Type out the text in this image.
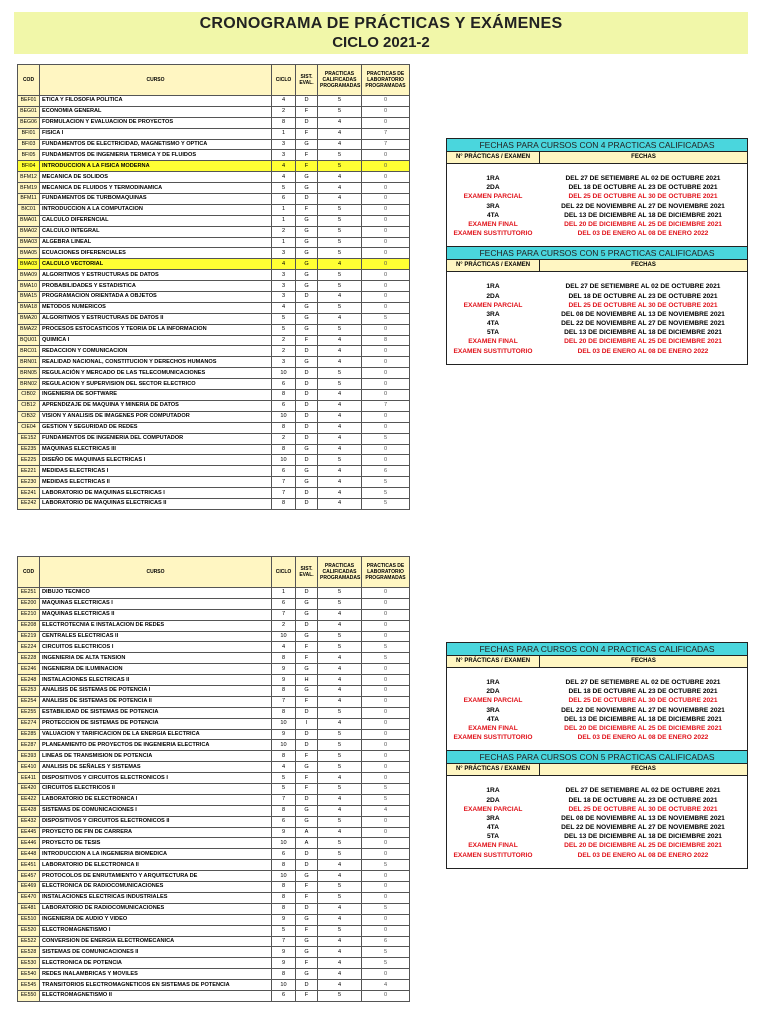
CRONOGRAMA DE PRÁCTICAS Y EXÁMENES
CICLO 2021-2
COD	CURSO	CICLO	SIST. EVAL.	PRACTICAS CALIFICADAS PROGRAMADAS	PRACTICAS DE LABORATORIO PROGRAMADAS
BEF01	ETICA Y FILOSOFIA POLITICA	4	D	5	0
BEG01	ECONOMIA GENERAL	2	F	5	0
BEG06	FORMULACION Y EVALUACION DE PROYECTOS	8	D	4	0
BFI01	FISICA I	1	F	4	7
BFI03	FUNDAMENTOS DE ELECTRICIDAD, MAGNETISMO Y OPTICA	3	G	4	7
BFI05	FUNDAMENTOS DE INGENIERIA TERMICA Y DE FLUIDOS	3	F	5	0
BFI04	INTRODUCCION A LA FISICA MODERNA	4	F	5	0
BFM12	MECANICA DE SOLIDOS	4	G	4	0
BFM19	MECANICA DE FLUIDOS Y TERMODINAMICA	5	G	4	0
BFM11	FUNDAMENTOS DE TURBOMAQUINAS	6	D	4	0
BIC01	INTRODUCCION A LA COMPUTACION	1	F	5	0
BMA01	CALCULO DIFERENCIAL	1	G	5	0
BMA02	CALCULO INTEGRAL	2	G	5	0
BMA03	ALGEBRA LINEAL	1	G	5	0
BMA05	ECUACIONES DIFERENCIALES	3	G	5	0
BMA03	CALCULO VECTORIAL	4	G	4	0
BMA09	ALGORITMOS Y ESTRUCTURAS DE DATOS	3	G	5	0
BMA10	PROBABILIDADES Y ESTADISTICA	3	G	5	0
BMA15	PROGRAMACION ORIENTADA A OBJETOS	3	D	4	0
BMA18	METODOS NUMERICOS	4	G	5	0
BMA20	ALGORITMOS Y ESTRUCTURAS DE DATOS II	5	G	4	5
BMA22	PROCESOS ESTOCASTICOS Y TEORIA DE LA INFORMACION	5	G	5	0
BQU01	QUIMICA I	2	F	4	8
BRC01	REDACCION Y COMUNICACION	2	D	4	0
BRN01	REALIDAD NACIONAL, CONSTITUCION Y DERECHOS HUMANOS	3	G	4	0
BRN05	REGULACIÓN Y MERCADO DE LAS TELECOMUNICACIONES	10	D	5	0
BRN02	REGULACION Y SUPERVISION DEL SECTOR ELECTRICO	6	D	5	0
CIB02	INGENIERIA DE SOFTWARE	8	D	4	0
CIB12	APRENDIZAJE DE MAQUINA Y MINERIA DE DATOS	6	D	4	7
CIB32	VISION Y ANALISIS DE IMAGENES POR COMPUTADOR	10	D	4	0
CIE04	GESTION Y SEGURIDAD DE REDES	8	D	4	0
EE152	FUNDAMENTOS DE INGENIERIA DEL COMPUTADOR	2	D	4	5
EE235	MAQUINAS ELECTRICAS III	8	G	4	0
EE225	DISEÑO DE MAQUINAS ELECTRICAS I	10	D	5	0
EE221	MEDIDAS ELECTRICAS I	6	G	4	6
EE230	MEDIDAS ELECTRICAS II	7	G	4	5
EE241	LABORATORIO DE MAQUINAS ELECTRICAS I	7	D	4	5
EE242	LABORATORIO DE MAQUINAS ELECTRICAS II	8	D	4	5
COD	CURSO	CICLO	SIST. EVAL.	PRACTICAS CALIFICADAS PROGRAMADAS	PRACTICAS DE LABORATORIO PROGRAMADAS
EE251	DIBUJO TECNICO	1	D	5	0
EE200	MAQUINAS ELECTRICAS I	6	G	5	0
EE210	MAQUINAS ELECTRICAS II	7	G	4	0
EE208	ELECTROTECNIA E INSTALACION DE REDES	2	D	4	0
EE219	CENTRALES ELECTRICAS II	10	G	5	0
EE224	CIRCUITOS ELECTRICOS I	4	F	5	5
EE228	INGENIERIA DE ALTA TENSION	8	F	4	5
EE246	INGENIERIA DE ILUMINACION	9	G	4	0
EE248	INSTALACIONES ELECTRICAS II	9	H	4	0
EE253	ANALISIS DE SISTEMAS DE POTENCIA I	8	G	4	0
EE254	ANALISIS DE SISTEMAS DE POTENCIA II	7	F	4	0
EE255	ESTABILIDAD DE SISTEMAS DE POTENCIA	8	D	5	0
EE274	PROTECCION DE SISTEMAS DE POTENCIA	10	I	4	0
EE285	VALUACION Y TARIFICACION DE LA ENERGIA ELECTRICA	9	D	5	0
EE287	PLANEAMIENTO DE PROYECTOS DE INGENIERIA ELECTRICA	10	D	5	0
EE393	LINEAS DE TRANSMISION DE POTENCIA	8	F	5	0
EE410	ANALISIS DE SEÑALES Y SISTEMAS	4	G	5	0
EE411	DISPOSITIVOS Y CIRCUITOS ELECTRONICOS I	5	F	4	0
EE420	CIRCUITOS ELECTRICOS II	5	F	5	5
EE422	LABORATORIO DE ELECTRONICA I	7	D	4	5
EE428	SISTEMAS DE COMUNICACIONES I	8	G	4	4
EE432	DISPOSITIVOS Y CIRCUITOS ELECTRONICOS II	6	G	5	0
EE445	PROYECTO DE FIN DE CARRERA	9	A	4	0
EE446	PROYECTO DE TESIS	10	A	5	0
EE448	INTRODUCCION A LA INGENIERIA BIOMEDICA	6	D	5	0
EE451	LABORATORIO DE ELECTRONICA II	8	D	4	5
EE457	PROTOCOLOS DE ENRUTAMIENTO Y ARQUITECTURA DE	10	G	4	0
EE469	ELECTRONICA DE RADIOCOMUNICACIONES	8	F	5	0
EE470	INSTALACIONES ELECTRICAS INDUSTRIALES	8	F	5	0
EE481	LABORATORIO DE RADIOCOMUNICACIONES	8	D	4	5
EE510	INGENIERIA DE AUDIO Y VIDEO	9	G	4	0
EE520	ELECTROMAGNETISMO I	5	F	5	0
EE522	CONVERSION DE ENERGIA ELECTROMECANICA	7	G	4	6
EE528	SISTEMAS DE COMUNICACIONES II	9	G	4	5
EE530	ELECTRONICA DE POTENCIA	9	F	4	5
EE540	REDES INALAMBRICAS Y MOVILES	8	G	4	0
EE545	TRANSITORIOS ELECTROMAGNETICOS EN SISTEMAS DE POTENCIA	10	D	4	4
EE550	ELECTROMAGNETISMO II	6	F	5	0
FECHAS PARA CURSOS CON 4 PRACTICAS CALIFICADAS
N° PRÁCTICAS / EXAMEN	FECHAS
1RA	DEL 27 DE SETIEMBRE AL 02 DE OCTUBRE 2021
2DA	DEL 18 DE OCTUBRE AL 23 DE OCTUBRE 2021
EXAMEN PARCIAL	DEL 25 DE OCTUBRE AL 30 DE OCTUBRE 2021
3RA	DEL 22 DE NOVIEMBRE AL 27 DE NOVIEMBRE 2021
4TA	DEL 13 DE DICIEMBRE AL 18 DE DICIEMBRE 2021
EXAMEN FINAL	DEL 20 DE DICIEMBRE AL 25 DE DICIEMBRE 2021
EXAMEN SUSTITUTORIO	DEL 03 DE ENERO AL 08 DE ENERO 2022
FECHAS PARA CURSOS CON 5 PRACTICAS CALIFICADAS
N° PRÁCTICAS / EXAMEN	FECHAS
1RA	DEL 27 DE SETIEMBRE AL 02 DE OCTUBRE 2021
2DA	DEL 18 DE OCTUBRE AL 23 DE OCTUBRE 2021
EXAMEN PARCIAL	DEL 25 DE OCTUBRE AL 30 DE OCTUBRE 2021
3RA	DEL 08 DE NOVIEMBRE AL 13 DE NOVIEMBRE 2021
4TA	DEL 22 DE NOVIEMBRE AL 27 DE NOVIEMBRE 2021
5TA	DEL 13 DE DICIEMBRE AL 18 DE DICIEMBRE 2021
EXAMEN FINAL	DEL 20 DE DICIEMBRE AL 25 DE DICIEMBRE 2021
EXAMEN SUSTITUTORIO	DEL 03 DE ENERO AL 08 DE ENERO 2022
FECHAS PARA CURSOS CON 4 PRACTICAS CALIFICADAS
N° PRÁCTICAS / EXAMEN	FECHAS
1RA	DEL 27 DE SETIEMBRE AL 02 DE OCTUBRE 2021
2DA	DEL 18 DE OCTUBRE AL 23 DE OCTUBRE 2021
EXAMEN PARCIAL	DEL 25 DE OCTUBRE AL 30 DE OCTUBRE 2021
3RA	DEL 22 DE NOVIEMBRE AL 27 DE NOVIEMBRE 2021
4TA	DEL 13 DE DICIEMBRE AL 18 DE DICIEMBRE 2021
EXAMEN FINAL	DEL 20 DE DICIEMBRE AL 25 DE DICIEMBRE 2021
EXAMEN SUSTITUTORIO	DEL 03 DE ENERO AL 08 DE ENERO 2022
FECHAS PARA CURSOS CON 5 PRACTICAS CALIFICADAS
N° PRÁCTICAS / EXAMEN	FECHAS
1RA	DEL 27 DE SETIEMBRE AL 02 DE OCTUBRE 2021
2DA	DEL 18 DE OCTUBRE AL 23 DE OCTUBRE 2021
EXAMEN PARCIAL	DEL 25 DE OCTUBRE AL 30 DE OCTUBRE 2021
3RA	DEL 08 DE NOVIEMBRE AL 13 DE NOVIEMBRE 2021
4TA	DEL 22 DE NOVIEMBRE AL 27 DE NOVIEMBRE 2021
5TA	DEL 13 DE DICIEMBRE AL 18 DE DICIEMBRE 2021
EXAMEN FINAL	DEL 20 DE DICIEMBRE AL 25 DE DICIEMBRE 2021
EXAMEN SUSTITUTORIO	DEL 03 DE ENERO AL 08 DE ENERO 2022
